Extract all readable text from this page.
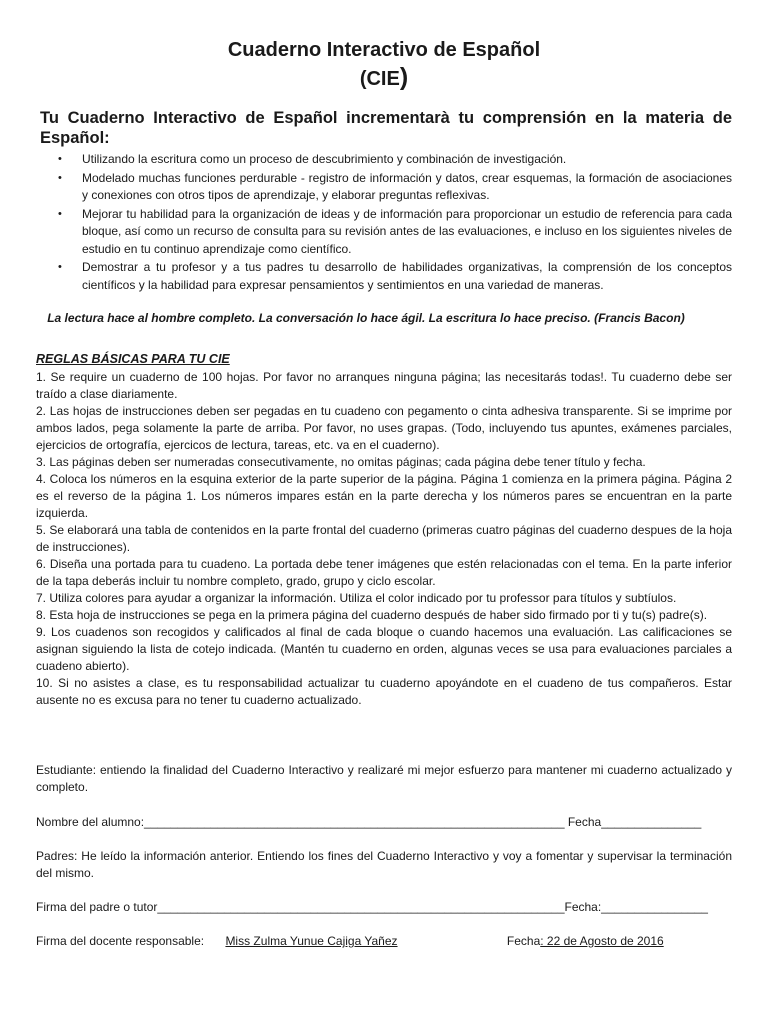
Cuaderno Interactivo de Español
(CIE)
Tu Cuaderno Interactivo de Español incrementarà tu comprensión en la materia de Español:
• Utilizando la escritura como un proceso de descubrimiento y combinación de investigación.
• Modelado muchas funciones perdurable - registro de información y datos, crear esquemas, la formación de asociaciones y conexiones con otros tipos de aprendizaje, y elaborar preguntas reflexivas.
• Mejorar tu habilidad para la organización de ideas y de información para proporcionar un estudio de referencia para cada bloque, así como un recurso de consulta para su revisión antes de las evaluaciones, e incluso en los siguientes niveles de estudio en tu continuo aprendizaje como científico.
• Demostrar a tu profesor y a tus padres tu desarrollo de habilidades organizativas, la comprensión de los conceptos científicos y la habilidad para expresar pensamientos y sentimientos en una variedad de maneras.
La lectura hace al hombre completo. La conversación lo hace ágil. La escritura lo hace preciso. (Francis Bacon)
REGLAS BÁSICAS PARA TU CIE

1. Se require un cuaderno de 100 hojas. Por favor no arranques ninguna página; las necesitarás todas!. Tu cuaderno debe ser traído a clase diariamente.

2. Las hojas de instrucciones deben ser pegadas en tu cuadeno con pegamento o cinta adhesiva transparente. Si se imprime por ambos lados, pega solamente la parte de arriba. Por favor, no uses grapas. (Todo, incluyendo tus apuntes, exámenes parciales, ejercicios de ortografía, ejercicos de lectura, tareas, etc. va en el cuaderno).

3. Las páginas deben ser numeradas consecutivamente, no omitas páginas; cada página debe tener título y fecha.

4. Coloca los números en la esquina exterior de la parte superior de la página. Página 1 comienza en la primera página. Página 2 es el reverso de la página 1. Los números impares están en la parte derecha y los números pares se encuentran en la parte izquierda.

5. Se elaborará una tabla de contenidos en la parte frontal del cuaderno (primeras cuatro páginas del cuaderno despues de la hoja de instrucciones).

6. Diseña una portada para tu cuadeno. La portada debe tener imágenes que estén relacionadas con el tema. En la parte inferior de la tapa deberás incluir tu nombre completo, grado, grupo y ciclo escolar.

7. Utiliza colores para ayudar a organizar la información. Utiliza el color indicado por tu professor para títulos y subtíulos.

8. Esta hoja de instrucciones se pega en la primera página del cuaderno después de haber sido firmado por ti y tu(s) padre(s).

9. Los cuadenos son recogidos y calificados al final de cada bloque o cuando hacemos una evaluación. Las calificaciones se asignan siguiendo la lista de cotejo indicada. (Mantén tu cuaderno en orden, algunas veces se usa para evaluaciones parciales a cuadeno abierto).

10. Si no asistes a clase, es tu responsabilidad actualizar tu cuaderno apoyándote en el cuadeno de tus compañeros. Estar ausente no es excusa para no tener tu cuaderno actualizado.

Estudiante: entiendo la finalidad del Cuaderno Interactivo y realizaré mi mejor esfuerzo para mantener mi cuaderno actualizado y completo.
Nombre del alumno:_______________________________________________________________ Fecha_______________
Padres: He leído la información anterior. Entiendo los fines del Cuaderno Interactivo y voy a fomentar y supervisar la terminación del mismo.
Firma del padre o tutor_____________________________________________________________Fecha:________________
Firma del docente responsable: Miss Zulma Yunue Cajiga Yañez	Fecha: 22 de Agosto de 2016
